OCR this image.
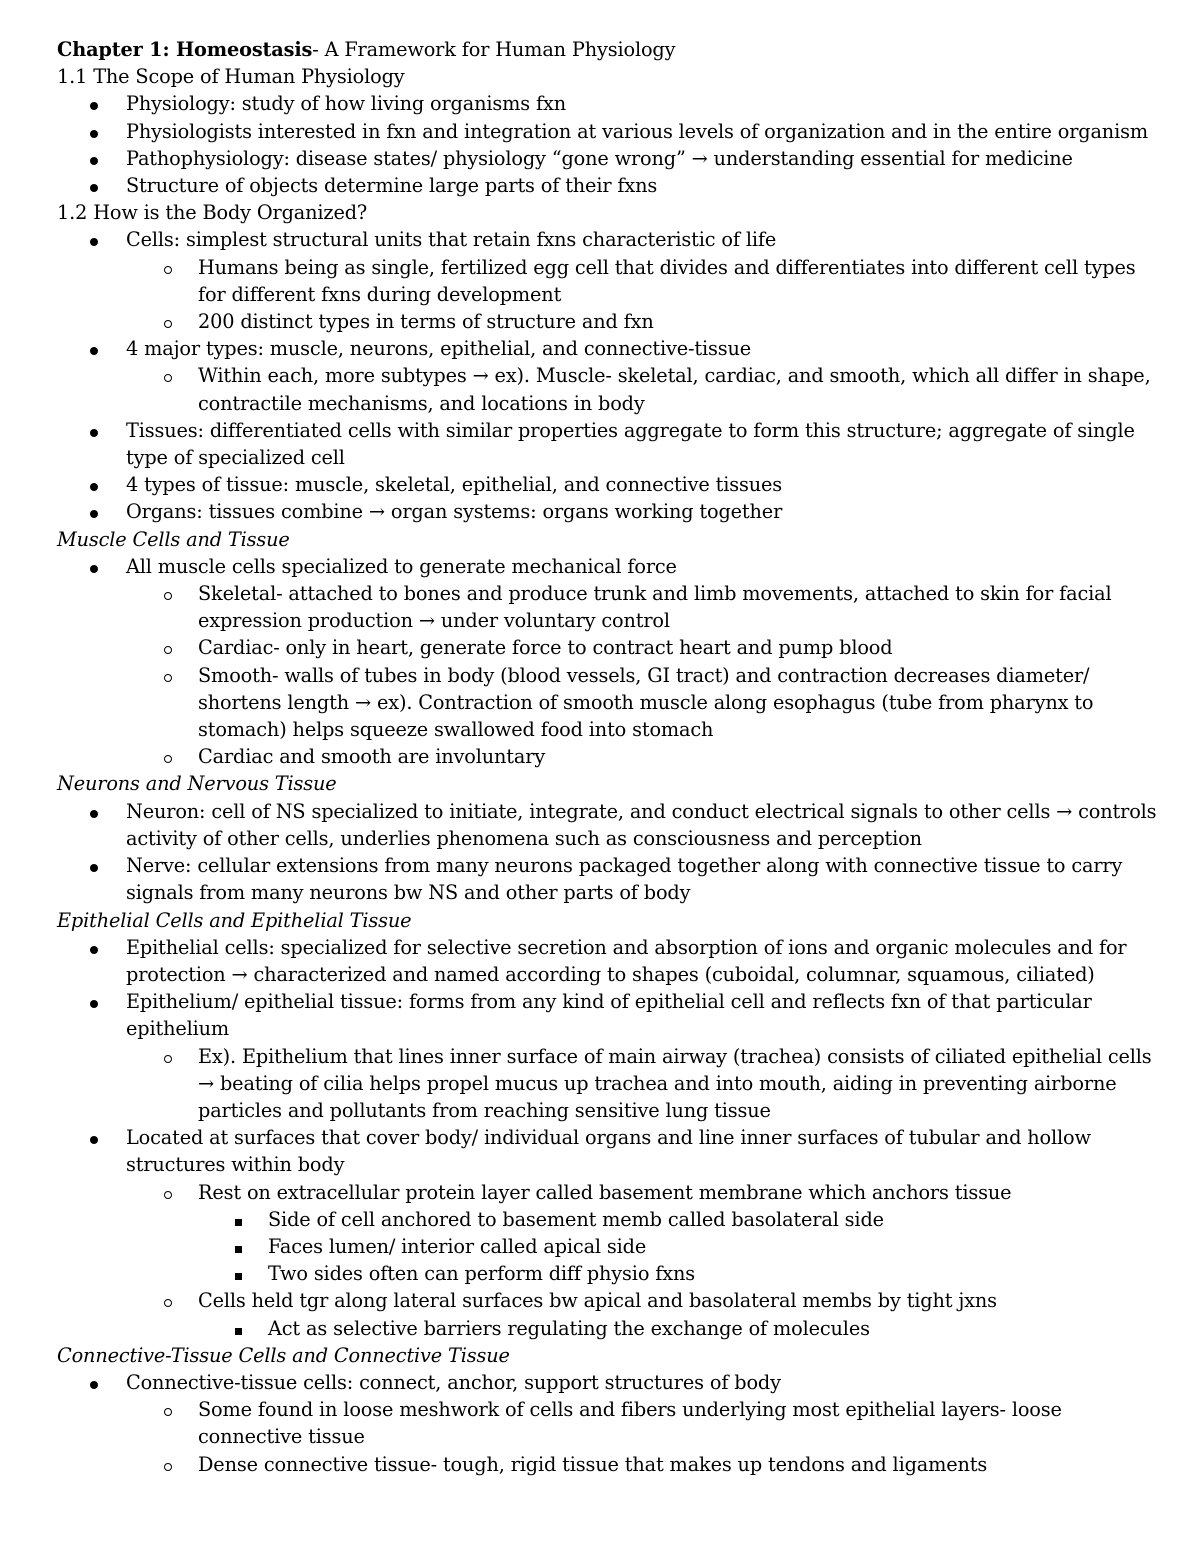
Chapter 1: Homeostasis- A Framework for Human Physiology

1.1 The Scope of Human Physiology

Physiology: study of how living organisms fxn
Physiologists interested in fxn and integration at various levels of organization and in the entire organism
Pathophysiology: disease states/ physiology “gone wrong” → understanding essential for medicine
Structure of objects determine large parts of their fxns

1.2 How is the Body Organized?

Cells: simplest structural units that retain fxns characteristic of life
Humans being as single, fertilized egg cell that divides and differentiates into different cell types for different fxns during development
200 distinct types in terms of structure and fxn
4 major types: muscle, neurons, epithelial, and connective-tissue
Within each, more subtypes → ex). Muscle- skeletal, cardiac, and smooth, which all differ in shape, contractile mechanisms, and locations in body
Tissues: differentiated cells with similar properties aggregate to form this structure; aggregate of single type of specialized cell
4 types of tissue: muscle, skeletal, epithelial, and connective tissues
Organs: tissues combine → organ systems: organs working together

Muscle Cells and Tissue

All muscle cells specialized to generate mechanical force
Skeletal- attached to bones and produce trunk and limb movements, attached to skin for facial expression production → under voluntary control
Cardiac- only in heart, generate force to contract heart and pump blood
Smooth- walls of tubes in body (blood vessels, GI tract) and contraction decreases diameter/ shortens length → ex). Contraction of smooth muscle along esophagus (tube from pharynx to stomach) helps squeeze swallowed food into stomach
Cardiac and smooth are involuntary

Neurons and Nervous Tissue

Neuron: cell of NS specialized to initiate, integrate, and conduct electrical signals to other cells → controls activity of other cells, underlies phenomena such as consciousness and perception
Nerve: cellular extensions from many neurons packaged together along with connective tissue to carry signals from many neurons bw NS and other parts of body

Epithelial Cells and Epithelial Tissue

Epithelial cells: specialized for selective secretion and absorption of ions and organic molecules and for protection → characterized and named according to shapes (cuboidal, columnar, squamous, ciliated)
Epithelium/ epithelial tissue: forms from any kind of epithelial cell and reflects fxn of that particular epithelium
Ex). Epithelium that lines inner surface of main airway (trachea) consists of ciliated epithelial cells → beating of cilia helps propel mucus up trachea and into mouth, aiding in preventing airborne particles and pollutants from reaching sensitive lung tissue
Located at surfaces that cover body/ individual organs and line inner surfaces of tubular and hollow structures within body
Rest on extracellular protein layer called basement membrane which anchors tissue
Side of cell anchored to basement memb called basolateral side
Faces lumen/ interior called apical side
Two sides often can perform diff physio fxns
Cells held tgr along lateral surfaces bw apical and basolateral membs by tight jxns
Act as selective barriers regulating the exchange of molecules

Connective-Tissue Cells and Connective Tissue

Connective-tissue cells: connect, anchor, support structures of body
Some found in loose meshwork of cells and fibers underlying most epithelial layers- loose connective tissue
Dense connective tissue- tough, rigid tissue that makes up tendons and ligaments
